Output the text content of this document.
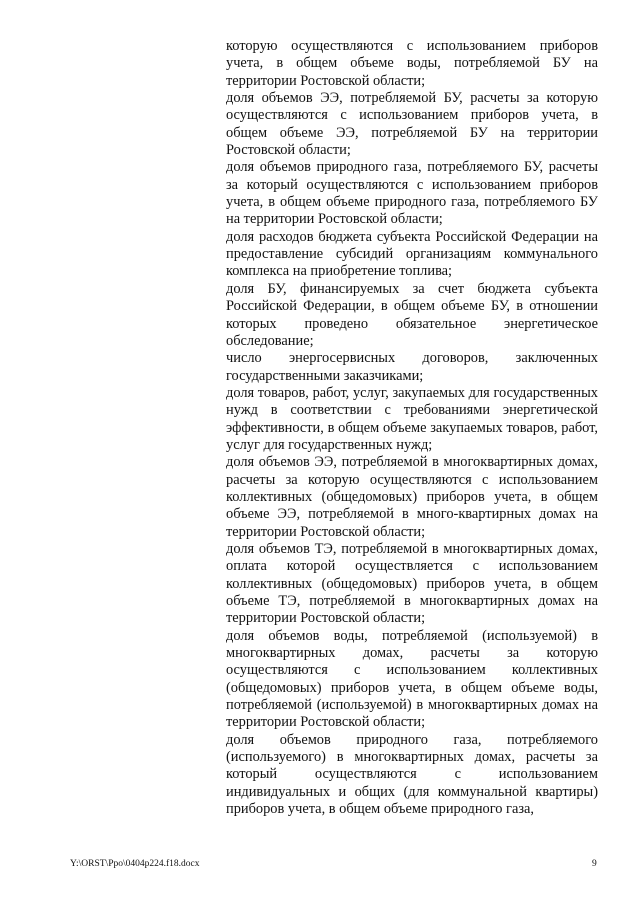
которую осуществляются с использованием приборов учета, в общем объеме воды, потребляемой БУ на территории Ростовской области;

доля объемов ЭЭ, потребляемой БУ, расчеты за которую осуществляются с использованием приборов учета, в общем объеме ЭЭ, потребляемой БУ на территории Ростовской области;

доля объемов природного газа, потребляемого БУ, расчеты за который осуществляются с использованием приборов учета, в общем объеме природного газа, потребляемого БУ на территории Ростовской области;

доля расходов бюджета субъекта Российской Федерации на предоставление субсидий организациям коммунального комплекса на приобретение топлива;

доля БУ, финансируемых за счет бюджета субъекта Российской Федерации, в общем объеме БУ, в отношении которых проведено обязательное энергетическое обследование;

число энергосервисных договоров, заключенных государственными заказчиками;

доля товаров, работ, услуг, закупаемых для государственных нужд в соответствии с требованиями энергетической эффективности, в общем объеме закупаемых товаров, работ, услуг для государственных нужд;

доля объемов ЭЭ, потребляемой в многоквартирных домах, расчеты за которую осуществляются с использованием коллективных (общедомовых) приборов учета, в общем объеме ЭЭ, потребляемой в много-квартирных домах на территории Ростовской области;

доля объемов ТЭ, потребляемой в многоквартирных домах, оплата которой осуществляется с использованием коллективных (общедомовых) приборов учета, в общем объеме ТЭ, потребляемой в многоквартирных домах на территории Ростовской области;

доля объемов воды, потребляемой (используемой) в многоквартирных домах, расчеты за которую осуществляются с использованием коллективных (общедомовых) приборов учета, в общем объеме воды, потребляемой (используемой) в многоквартирных домах на территории Ростовской области;

доля объемов природного газа, потребляемого (используемого) в многоквартирных домах, расчеты за который осуществляются с использованием индивидуальных и общих (для коммунальной квартиры) приборов учета, в общем объеме природного газа,

Y:\ORST\Ppo\0404p224.f18.docx	9
